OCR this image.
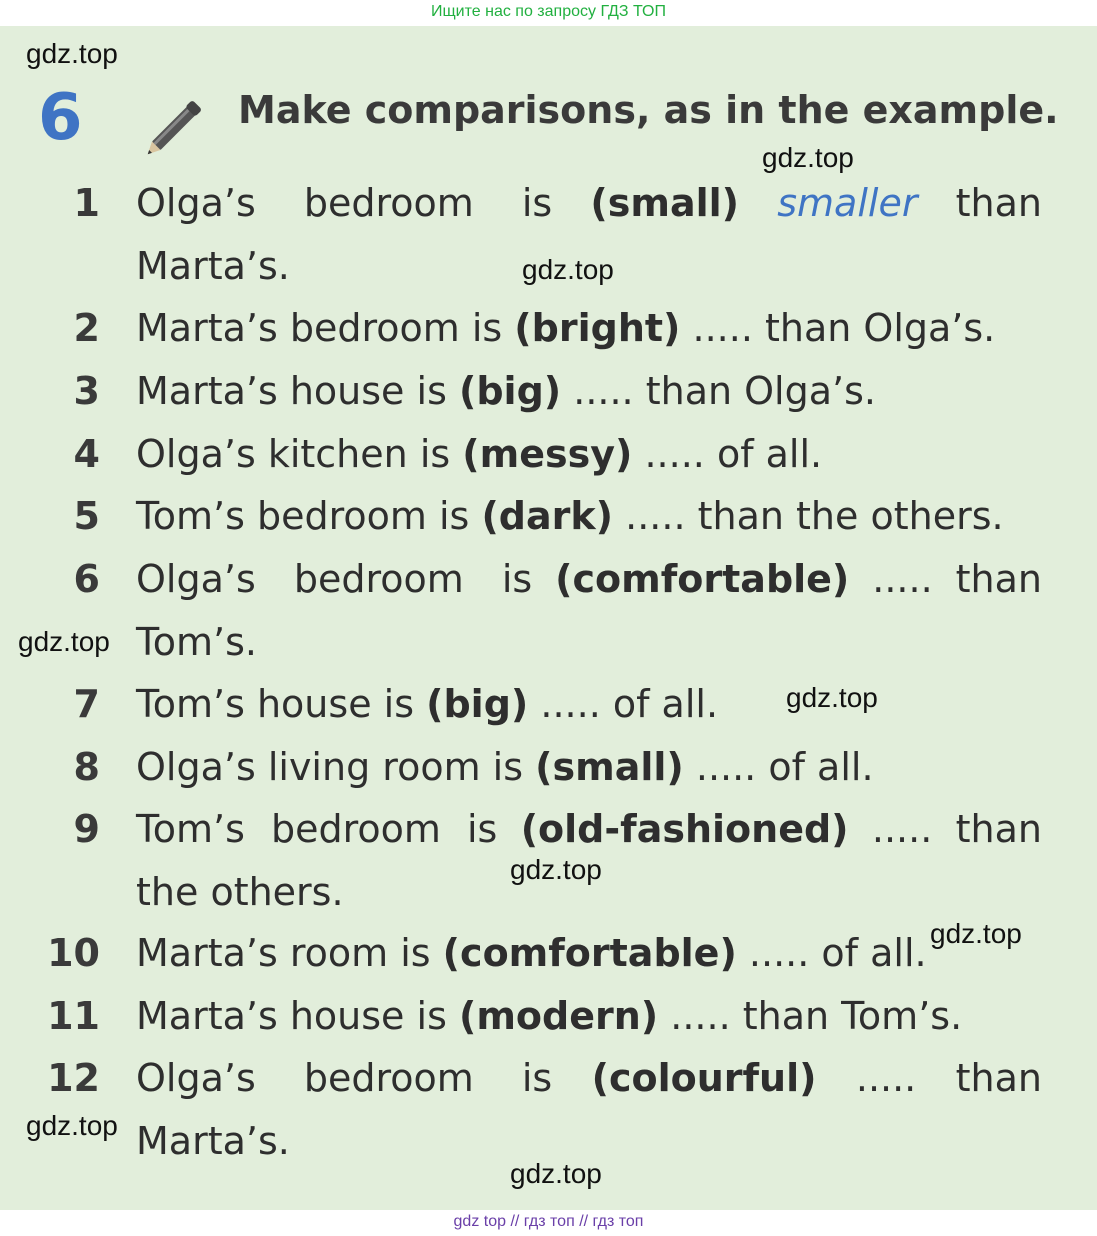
Ищите нас по запросу ГДЗ ТОП
6	Make comparisons, as in the example.
1 Olga’s bedroom is (small) smaller than
Marta’s.
2 Marta’s bedroom is (bright) ..... than Olga’s.
3 Marta’s house is (big) ..... than Olga’s.
4 Olga’s kitchen is (messy) ..... of all.
5 Tom’s bedroom is (dark) ..... than the others.
6 Olga’s bedroom is (comfortable) ..... than
Tom’s.
7 Tom’s house is (big) ..... of all.
8 Olga’s living room is (small) ..... of all.
9 Tom’s bedroom is (old-fashioned) ..... than
the others.
10 Marta’s room is (comfortable) ..... of all.
11 Marta’s house is (modern) ..... than Tom’s.
12 Olga’s bedroom is (colourful) ..... than
Marta’s.
gdz.top
gdz.top
gdz.top
gdz.top
gdz.top
gdz.top
gdz.top
gdz.top
gdz.top
gdz top // гдз топ // гдз топ
